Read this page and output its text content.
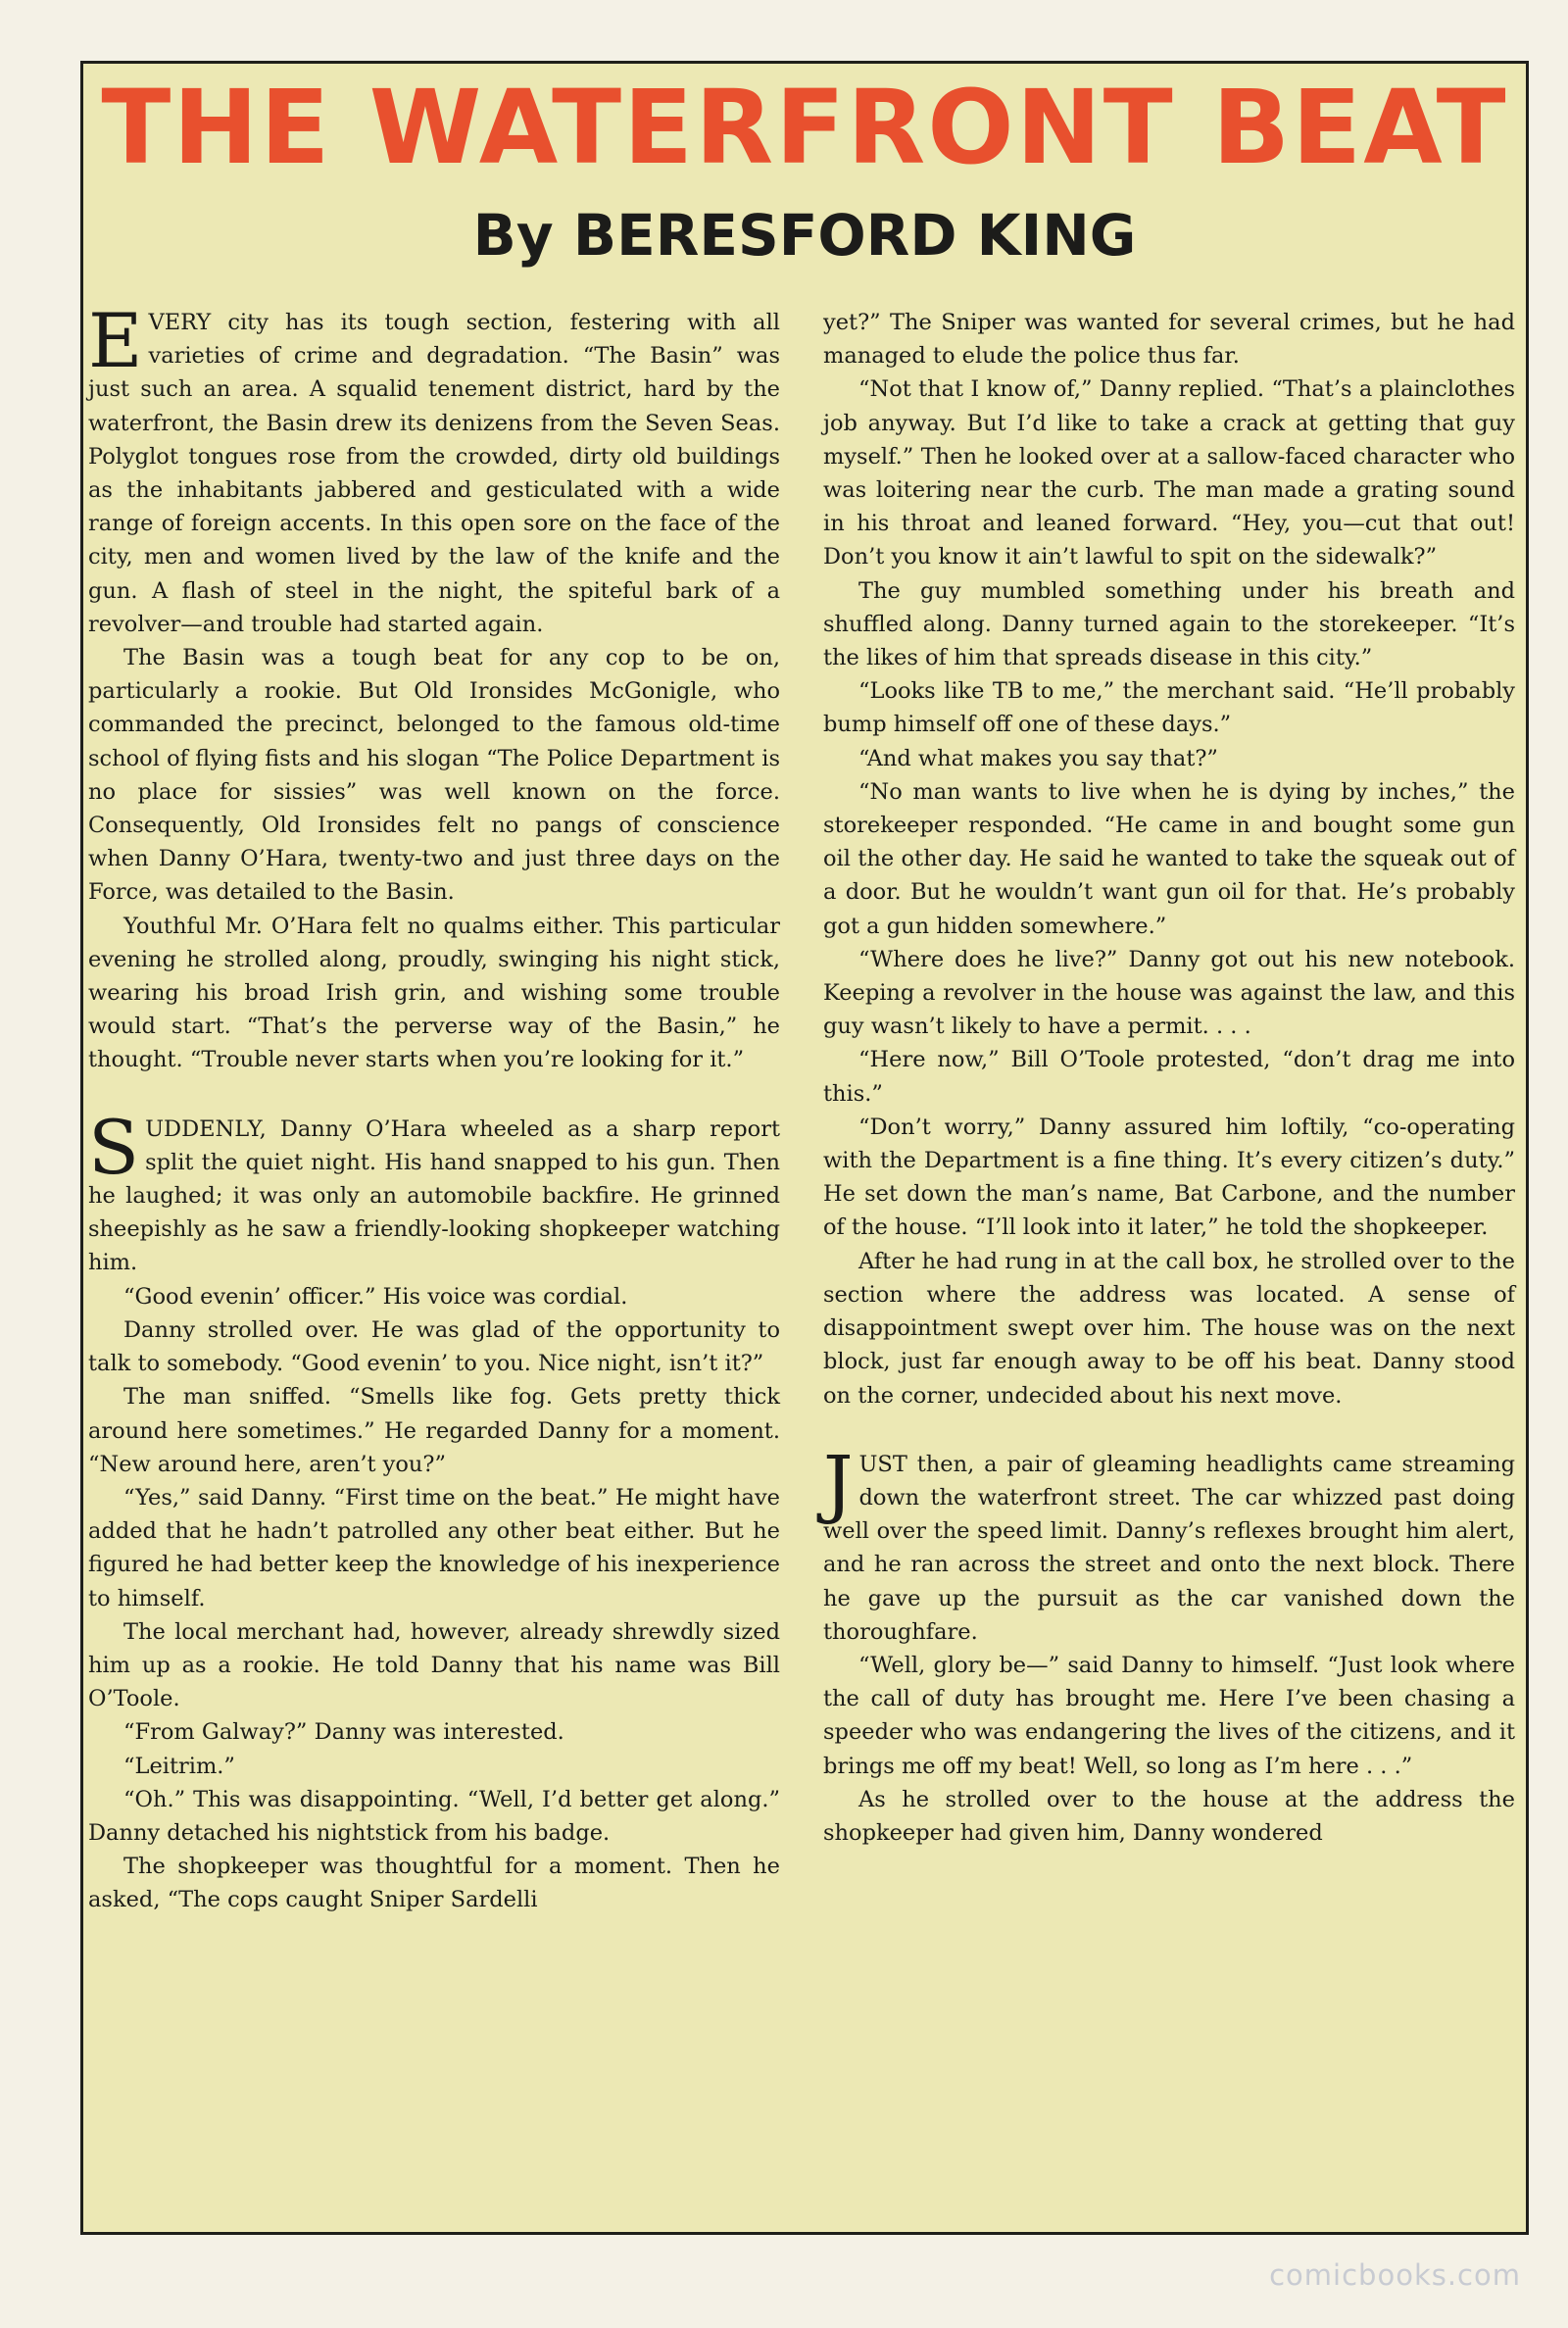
THE WATERFRONT BEAT
By BERESFORD KING

EVERY city has its tough section, festering with all varieties of crime and degradation. “The Basin” was just such an area. A squalid tenement district, hard by the waterfront, the Basin drew its denizens from the Seven Seas. Polyglot tongues rose from the crowded, dirty old buildings as the inhabitants jabbered and gesticulated with a wide range of foreign accents. In this open sore on the face of the city, men and women lived by the law of the knife and the gun. A flash of steel in the night, the spiteful bark of a revolver—and trouble had started again.

The Basin was a tough beat for any cop to be on, particularly a rookie. But Old Ironsides McGonigle, who commanded the precinct, belonged to the famous old-time school of flying fists and his slogan “The Police Department is no place for sissies” was well known on the force. Consequently, Old Ironsides felt no pangs of conscience when Danny O’Hara, twenty-two and just three days on the Force, was detailed to the Basin.

Youthful Mr. O’Hara felt no qualms either. This particular evening he strolled along, proudly, swinging his night stick, wearing his broad Irish grin, and wishing some trouble would start. “That’s the perverse way of the Basin,” he thought. “Trouble never starts when you’re looking for it.”

SUDDENLY, Danny O’Hara wheeled as a sharp report split the quiet night. His hand snapped to his gun. Then he laughed; it was only an automobile backfire. He grinned sheepishly as he saw a friendly-looking shopkeeper watching him.

“Good evenin’ officer.” His voice was cordial.

Danny strolled over. He was glad of the opportunity to talk to somebody. “Good evenin’ to you. Nice night, isn’t it?”

The man sniffed. “Smells like fog. Gets pretty thick around here sometimes.” He regarded Danny for a moment. “New around here, aren’t you?”

“Yes,” said Danny. “First time on the beat.” He might have added that he hadn’t patrolled any other beat either. But he figured he had better keep the knowledge of his inexperience to himself.

The local merchant had, however, already shrewdly sized him up as a rookie. He told Danny that his name was Bill O’Toole.

“From Galway?” Danny was interested.

“Leitrim.”

“Oh.” This was disappointing. “Well, I’d better get along.” Danny detached his nightstick from his badge.

The shopkeeper was thoughtful for a moment. Then he asked, “The cops caught Sniper Sardelli

yet?” The Sniper was wanted for several crimes, but he had managed to elude the police thus far.

“Not that I know of,” Danny replied. “That’s a plainclothes job anyway. But I’d like to take a crack at getting that guy myself.” Then he looked over at a sallow-faced character who was loitering near the curb. The man made a grating sound in his throat and leaned forward. “Hey, you—cut that out! Don’t you know it ain’t lawful to spit on the sidewalk?”

The guy mumbled something under his breath and shuffled along. Danny turned again to the storekeeper. “It’s the likes of him that spreads disease in this city.”

“Looks like TB to me,” the merchant said. “He’ll probably bump himself off one of these days.”

“And what makes you say that?”

“No man wants to live when he is dying by inches,” the storekeeper responded. “He came in and bought some gun oil the other day. He said he wanted to take the squeak out of a door. But he wouldn’t want gun oil for that. He’s probably got a gun hidden somewhere.”

“Where does he live?” Danny got out his new notebook. Keeping a revolver in the house was against the law, and this guy wasn’t likely to have a permit. . . .

“Here now,” Bill O’Toole protested, “don’t drag me into this.”

“Don’t worry,” Danny assured him loftily, “co-operating with the Department is a fine thing. It’s every citizen’s duty.” He set down the man’s name, Bat Carbone, and the number of the house. “I’ll look into it later,” he told the shopkeeper.

After he had rung in at the call box, he strolled over to the section where the address was located. A sense of disappointment swept over him. The house was on the next block, just far enough away to be off his beat. Danny stood on the corner, undecided about his next move.

JUST then, a pair of gleaming headlights came streaming down the waterfront street. The car whizzed past doing well over the speed limit. Danny’s reflexes brought him alert, and he ran across the street and onto the next block. There he gave up the pursuit as the car vanished down the thoroughfare.

“Well, glory be—” said Danny to himself. “Just look where the call of duty has brought me. Here I’ve been chasing a speeder who was endangering the lives of the citizens, and it brings me off my beat! Well, so long as I’m here . . .”

As he strolled over to the house at the address the shopkeeper had given him, Danny wondered

comicbooks.com
